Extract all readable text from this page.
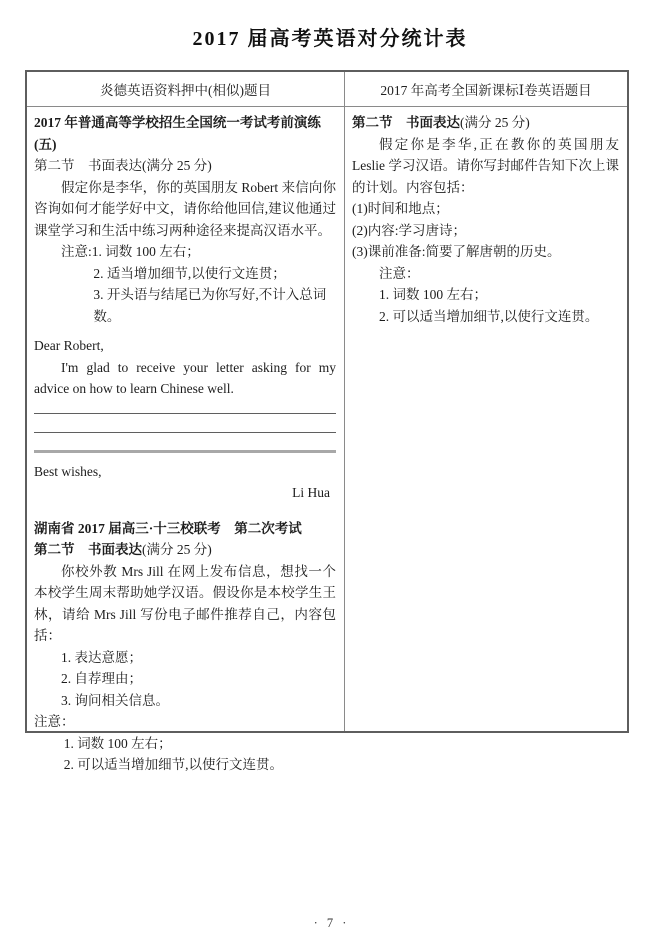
2017 届高考英语对分统计表
炎德英语资料押中(相似)题目	2017 年高考全国新课标Ⅰ卷英语题目
2017 年普通高等学校招生全国统一考试考前演练(五)
第二节　书面表达(满分 25 分)
假定你是李华，你的英国朋友 Robert 来信向你咨询如何才能学好中文，请你给他回信,建议他通过课堂学习和生活中练习两种途径来提高汉语水平。
注意:1. 词数 100 左右；
2. 适当增加细节,以使行文连贯；
3. 开头语与结尾已为你写好,不计入总词数。
Dear Robert,
I'm glad to receive your letter asking for my advice on how to learn Chinese well.
Best wishes,
Li Hua
湖南省 2017 届高三·十三校联考　第二次考试
第二节　书面表达(满分 25 分)
你校外教 Mrs Jill 在网上发布信息，想找一个本校学生周末帮助她学汉语。假设你是本校学生王林，请给 Mrs Jill 写份电子邮件推荐自己，内容包括：
1. 表达意愿；
2. 自荐理由；
3. 询问相关信息。
注意：
1. 词数 100 左右；
2. 可以适当增加细节,以使行文连贯。
第二节　书面表达(满分 25 分)
假定你是李华,正在教你的英国朋友 Leslie 学习汉语。请你写封邮件告知下次上课的计划。内容包括：
(1)时间和地点；
(2)内容:学习唐诗；
(3)课前准备:简要了解唐朝的历史。
注意：
1. 词数 100 左右；
2. 可以适当增加细节,以使行文连贯。
· 7 ·
